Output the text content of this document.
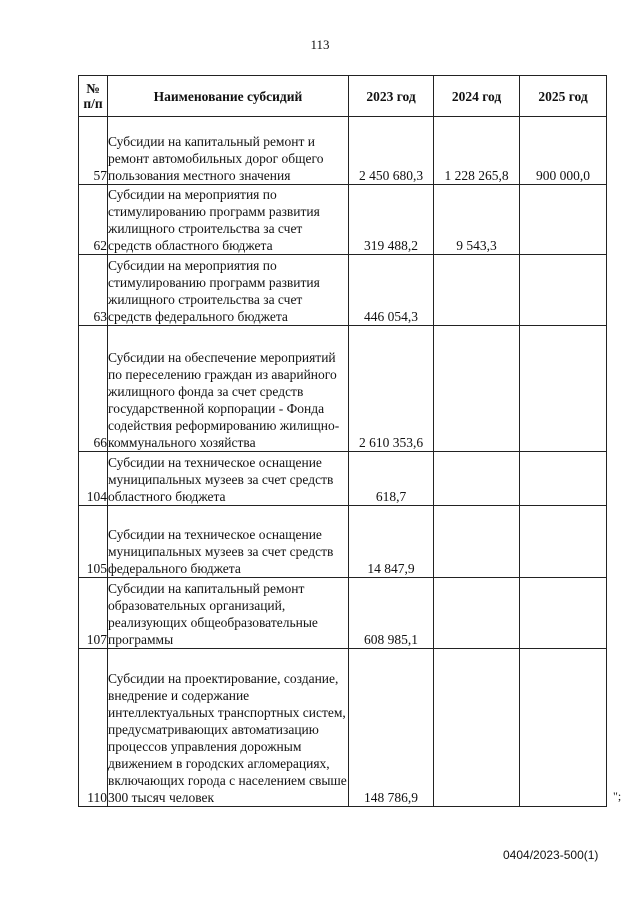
113
№ п/п	Наименование субсидий	2023 год	2024 год	2025 год
57	Субсидии на капитальный ремонт и ремонт автомобильных дорог общего пользования местного значения	2 450 680,3	1 228 265,8	900 000,0
62	Субсидии на мероприятия по стимулированию программ развития жилищного строительства за счет средств областного бюджета	319 488,2	9 543,3	
63	Субсидии на мероприятия по стимулированию программ развития жилищного строительства за счет средств федерального бюджета	446 054,3		
66	Субсидии на обеспечение мероприятий по переселению граждан из аварийного жилищного фонда за счет средств государственной корпорации - Фонда содействия реформированию жилищно-коммунального хозяйства	2 610 353,6		
104	Субсидии на техническое оснащение муниципальных музеев за счет средств областного бюджета	618,7		
105	Субсидии на техническое оснащение муниципальных музеев за счет средств федерального бюджета	14 847,9		
107	Субсидии на капитальный ремонт образовательных организаций, реализующих общеобразовательные программы	608 985,1		
110	Субсидии на проектирование, создание, внедрение и содержание интеллектуальных транспортных систем, предусматривающих автоматизацию процессов управления дорожным движением в городских агломерациях, включающих города с населением свыше 300 тысяч человек	148 786,9			";
0404/2023-500(1)
